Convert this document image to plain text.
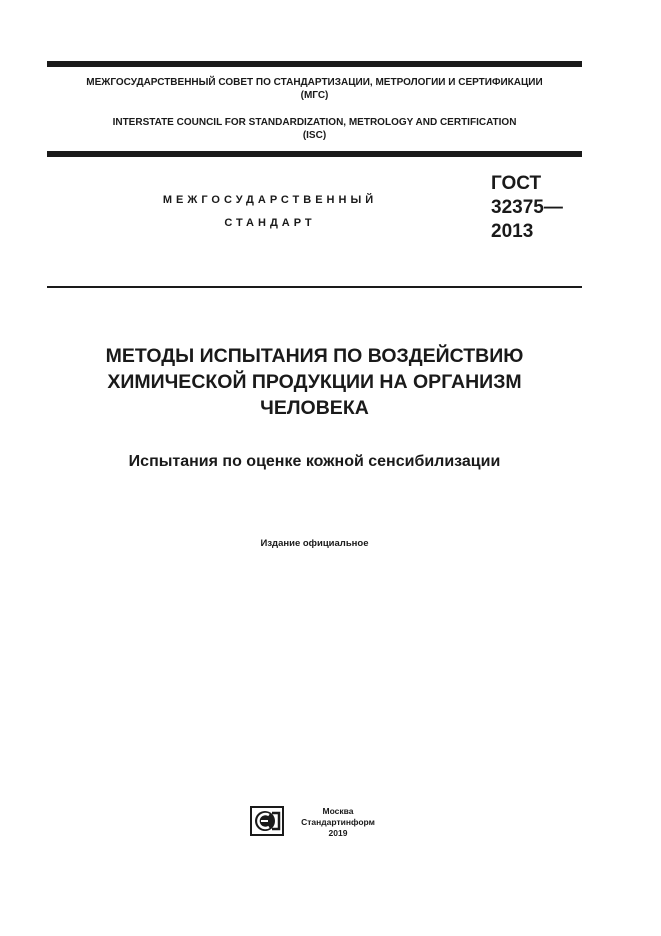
МЕЖГОСУДАРСТВЕННЫЙ СОВЕТ ПО СТАНДАРТИЗАЦИИ, МЕТРОЛОГИИ И СЕРТИФИКАЦИИ
(МГС)
INTERSTATE COUNCIL FOR STANDARDIZATION, METROLOGY AND CERTIFICATION
(ISC)
МЕЖГОСУДАРСТВЕННЫЙ
СТАНДАРТ
ГОСТ
32375—
2013
МЕТОДЫ ИСПЫТАНИЯ ПО ВОЗДЕЙСТВИЮ
ХИМИЧЕСКОЙ ПРОДУКЦИИ НА ОРГАНИЗМ
ЧЕЛОВЕКА
Испытания по оценке кожной сенсибилизации
Издание официальное
Москва
Стандартинформ
2019
